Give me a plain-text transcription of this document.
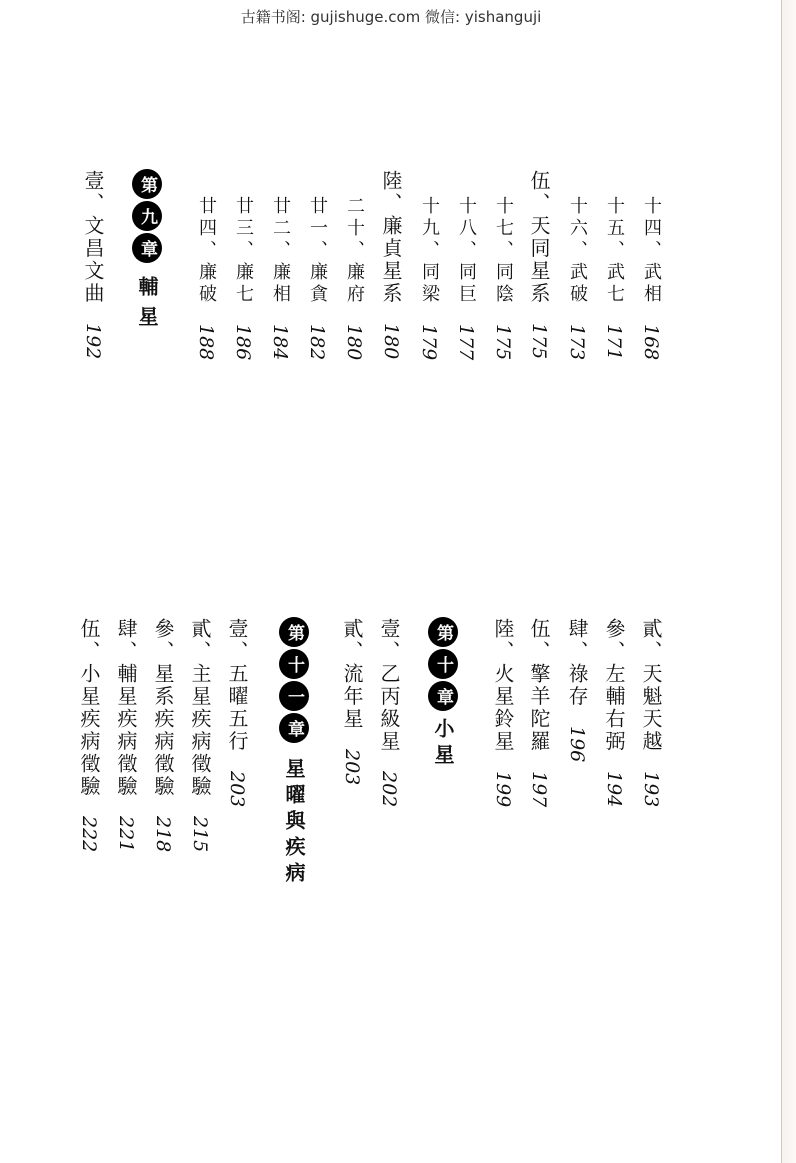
古籍书阁: gujishuge.com 微信: yishanguji
十四、武相168
十五、武七171
十六、武破173
伍、天同星系175
十七、同陰175
十八、同巨177
十九、同梁179
陸、廉貞星系180
二十、廉府180
廿一、廉貪182
廿二、廉相184
廿三、廉七186
廿四、廉破188
第九章輔星
壹、文昌文曲192
貳、天魁天越193
參、左輔右弼194
肆、祿存196
伍、擎羊陀羅197
陸、火星鈴星199
第十章小星
壹、乙丙級星202
貳、流年星203
第十一章星曜與疾病
壹、五曜五行203
貳、主星疾病徵驗215
參、星系疾病徵驗218
肆、輔星疾病徵驗221
伍、小星疾病徵驗222
